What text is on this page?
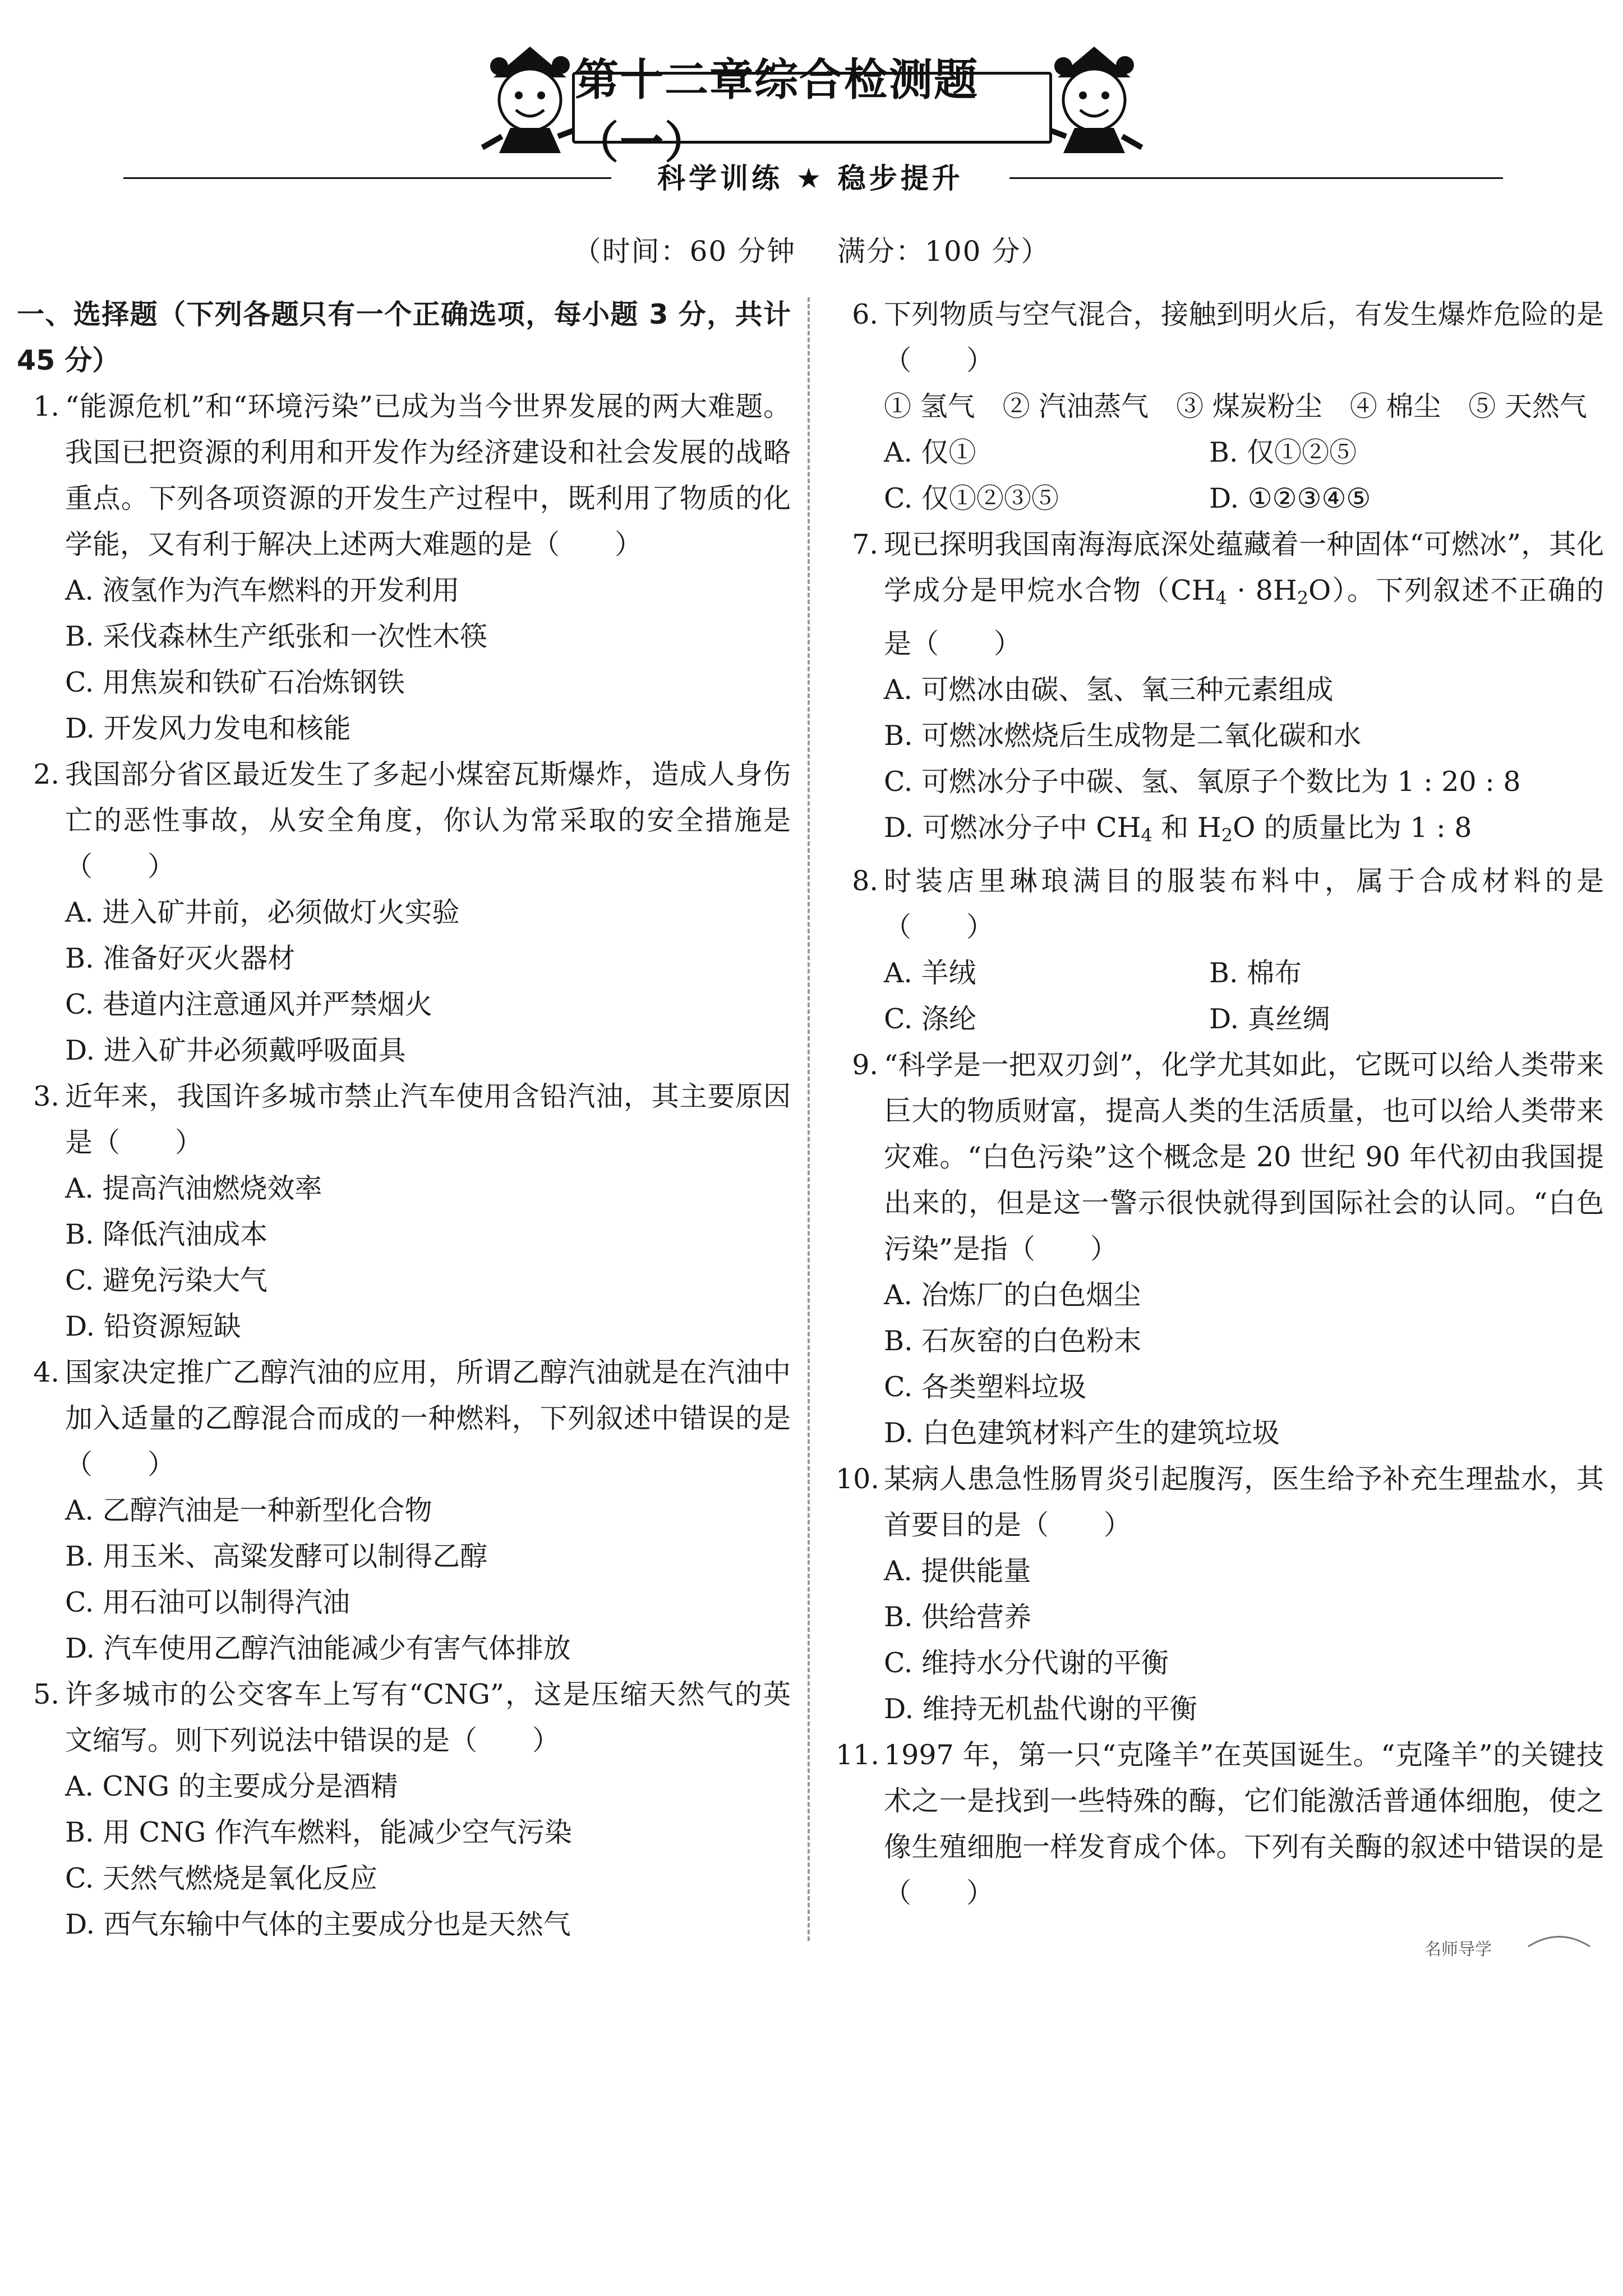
第十二章综合检测题（一）
科学训练 ★ 稳步提升
（时间：60 分钟 满分：100 分）
一、选择题（下列各题只有一个正确选项，每小题 3 分，共计 45 分）
1. “能源危机”和“环境污染”已成为当今世界发展的两大难题。我国已把资源的利用和开发作为经济建设和社会发展的战略重点。下列各项资源的开发生产过程中，既利用了物质的化学能，又有利于解决上述两大难题的是（　　）
A. 液氢作为汽车燃料的开发利用
B. 采伐森林生产纸张和一次性木筷
C. 用焦炭和铁矿石冶炼钢铁
D. 开发风力发电和核能
2. 我国部分省区最近发生了多起小煤窑瓦斯爆炸，造成人身伤亡的恶性事故，从安全角度，你认为常采取的安全措施是（　　）
A. 进入矿井前，必须做灯火实验
B. 准备好灭火器材
C. 巷道内注意通风并严禁烟火
D. 进入矿井必须戴呼吸面具
3. 近年来，我国许多城市禁止汽车使用含铅汽油，其主要原因是（　　）
A. 提高汽油燃烧效率
B. 降低汽油成本
C. 避免污染大气
D. 铅资源短缺
4. 国家决定推广乙醇汽油的应用，所谓乙醇汽油就是在汽油中加入适量的乙醇混合而成的一种燃料，下列叙述中错误的是（　　）
A. 乙醇汽油是一种新型化合物
B. 用玉米、高粱发酵可以制得乙醇
C. 用石油可以制得汽油
D. 汽车使用乙醇汽油能减少有害气体排放
5. 许多城市的公交客车上写有“CNG”，这是压缩天然气的英文缩写。则下列说法中错误的是（　　）
A. CNG 的主要成分是酒精
B. 用 CNG 作汽车燃料，能减少空气污染
C. 天然气燃烧是氧化反应
D. 西气东输中气体的主要成分也是天然气
6. 下列物质与空气混合，接触到明火后，有发生爆炸危险的是（　　）
① 氢气　② 汽油蒸气　③ 煤炭粉尘　④ 棉尘　⑤ 天然气
A. 仅①	B. 仅①②⑤
C. 仅①②③⑤	D. ①②③④⑤
7. 现已探明我国南海海底深处蕴藏着一种固体“可燃冰”，其化学成分是甲烷水合物$(CH_4 \cdot 8H_2O)$。下列叙述不正确的是（　　）
A. 可燃冰由碳、氢、氧三种元素组成
B. 可燃冰燃烧后生成物是二氧化碳和水
C. 可燃冰分子中碳、氢、氧原子个数比为 1 : 20 : 8
D. 可燃冰分子中 $CH_4$ 和 $H_2O$ 的质量比为 1 : 8
8. 时装店里琳琅满目的服装布料中，属于合成材料的是（　　）
A. 羊绒	B. 棉布
C. 涤纶	D. 真丝绸
9. “科学是一把双刃剑”，化学尤其如此，它既可以给人类带来巨大的物质财富，提高人类的生活质量，也可以给人类带来灾难。“白色污染”这个概念是 20 世纪 90 年代初由我国提出来的，但是这一警示很快就得到国际社会的认同。“白色污染”是指（　　）
A. 冶炼厂的白色烟尘
B. 石灰窑的白色粉末
C. 各类塑料垃圾
D. 白色建筑材料产生的建筑垃圾
10. 某病人患急性肠胃炎引起腹泻，医生给予补充生理盐水，其首要目的是（　　）
A. 提供能量
B. 供给营养
C. 维持水分代谢的平衡
D. 维持无机盐代谢的平衡
11. 1997 年，第一只“克隆羊”在英国诞生。“克隆羊”的关键技术之一是找到一些特殊的酶，它们能激活普通体细胞，使之像生殖细胞一样发育成个体。下列有关酶的叙述中错误的是（　　）
名师导学
